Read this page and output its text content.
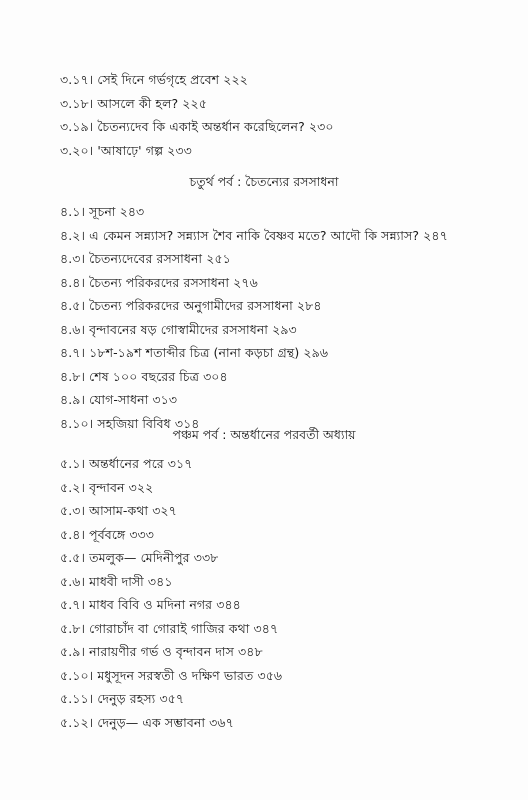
৩.১৭। সেই দিনে গর্ভগৃহে প্রবেশ ২২২
৩.১৮। আসলে কী হল? ২২৫
৩.১৯। চৈতন্যদেব কি একাই অন্তর্ধান করেছিলেন? ২৩০
৩.২০। 'আষাঢ়ে' গল্প ২৩৩
চতুর্থ পর্ব : চৈতন্যের রসসাধনা
৪.১। সূচনা ২৪৩
৪.২। এ কেমন সন্ন্যাস? সন্ন্যাস শৈব নাকি বৈষ্ণব মতে? আদৌ কি সন্ন্যাস? ২৪৭
৪.৩। চৈতন্যদেবের রসসাধনা ২৫১
৪.৪। চৈতন্য পরিকরদের রসসাধনা ২৭৬
৪.৫। চৈতন্য পরিকরদের অনুগামীদের রসসাধনা ২৮৪
৪.৬। বৃন্দাবনের ষড় গোস্বামীদের রসসাধনা ২৯৩
৪.৭। ১৮শ-১৯শ শতাব্দীর চিত্র (নানা কড়চা গ্রন্থ) ২৯৬
৪.৮। শেষ ১০০ বছরের চিত্র ৩০৪
৪.৯। যোগ-সাধনা ৩১৩
৪.১০। সহজিয়া বিবিধ ৩১৪
পঞ্চম পর্ব : অন্তর্ধানের পরবর্তী অধ্যায়
৫.১। অন্তর্ধানের পরে ৩১৭
৫.২। বৃন্দাবন ৩২২
৫.৩। আসাম-কথা ৩২৭
৫.৪। পূর্ববঙ্গে ৩৩৩
৫.৫। তমলুক— মেদিনীপুর ৩৩৮
৫.৬। মাধবী দাসী ৩৪১
৫.৭। মাধব বিবি ও মদিনা নগর ৩৪৪
৫.৮। গোরাচাঁদ বা গোরাই গাজির কথা ৩৪৭
৫.৯। নারায়ণীর গর্ভ ও বৃন্দাবন দাস ৩৪৮
৫.১০। মধুসূদন সরস্বতী ও দক্ষিণ ভারত ৩৫৬
৫.১১। দেনুড় রহস্য ৩৫৭
৫.১২। দেনুড়— এক সম্ভাবনা ৩৬৭
